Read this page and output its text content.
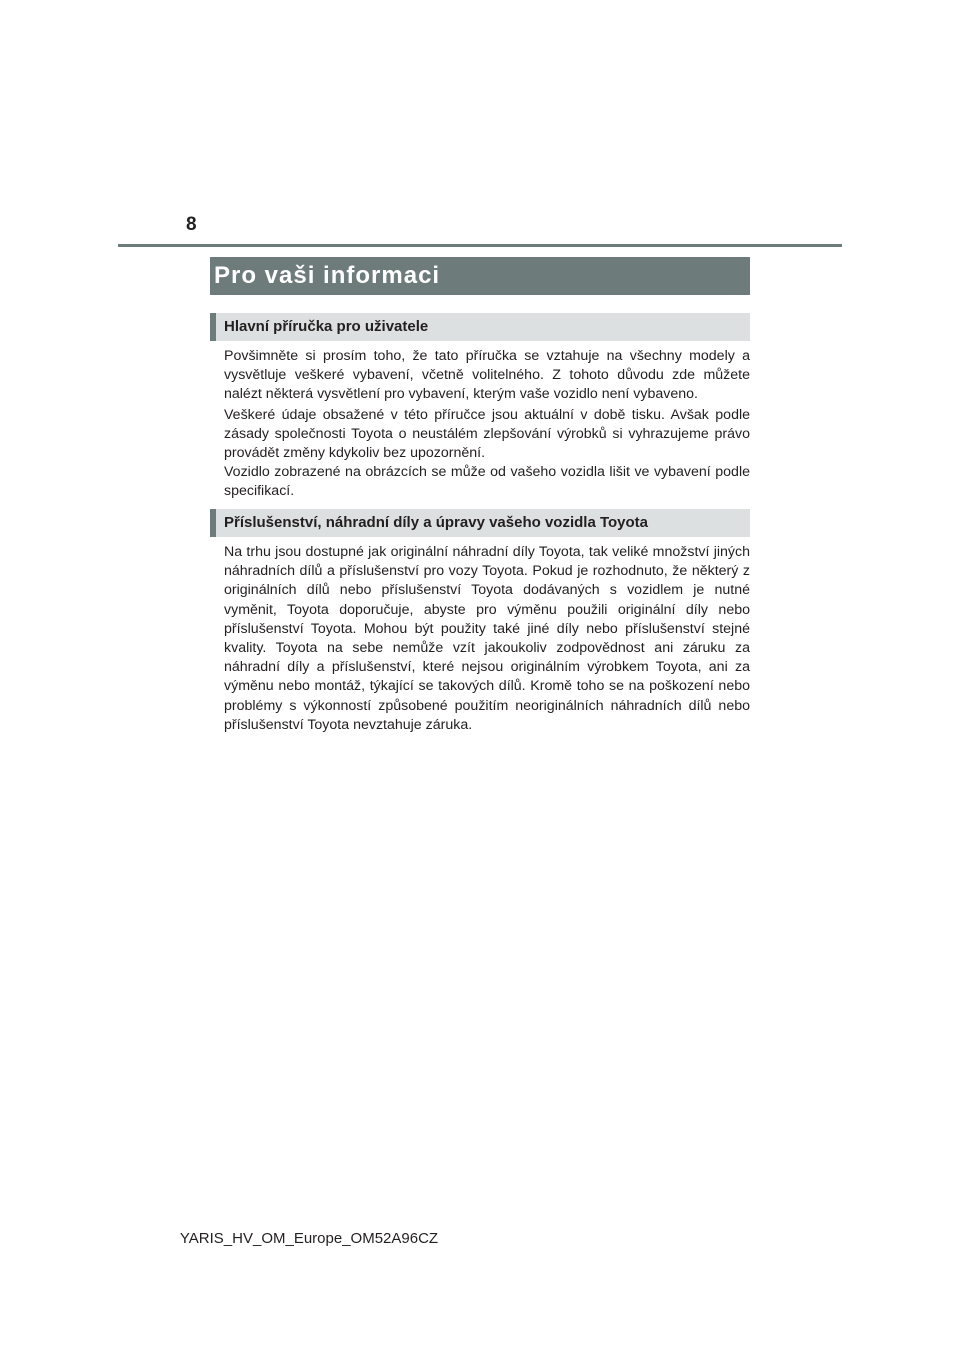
8
Pro vaši informaci
Hlavní příručka pro uživatele

Povšimněte si prosím toho, že tato příručka se vztahuje na všechny modely a vysvětluje veškeré vybavení, včetně volitelného. Z tohoto důvodu zde můžete nalézt některá vysvětlení pro vybavení, kterým vaše vozidlo není vybaveno.

Veškeré údaje obsažené v této příručce jsou aktuální v době tisku. Avšak podle zásady společnosti Toyota o neustálém zlepšování výrobků si vyhrazujeme právo provádět změny kdykoliv bez upozornění.

Vozidlo zobrazené na obrázcích se může od vašeho vozidla lišit ve vybavení podle specifikací.

Příslušenství, náhradní díly a úpravy vašeho vozidla Toyota

Na trhu jsou dostupné jak originální náhradní díly Toyota, tak veliké množství jiných náhradních dílů a příslušenství pro vozy Toyota. Pokud je rozhodnuto, že některý z originálních dílů nebo příslušenství Toyota dodávaných s vozidlem je nutné vyměnit, Toyota doporučuje, abyste pro výměnu použili originální díly nebo příslušenství Toyota. Mohou být použity také jiné díly nebo příslušenství stejné kvality. Toyota na sebe nemůže vzít jakoukoliv zodpovědnost ani záruku za náhradní díly a příslušenství, které nejsou originálním výrobkem Toyota, ani za výměnu nebo montáž, týkající se takových dílů. Kromě toho se na poškození nebo problémy s výkonností způsobené použitím neoriginálních náhradních dílů nebo příslušenství Toyota nevztahuje záruka.

YARIS_HV_OM_Europe_OM52A96CZ
